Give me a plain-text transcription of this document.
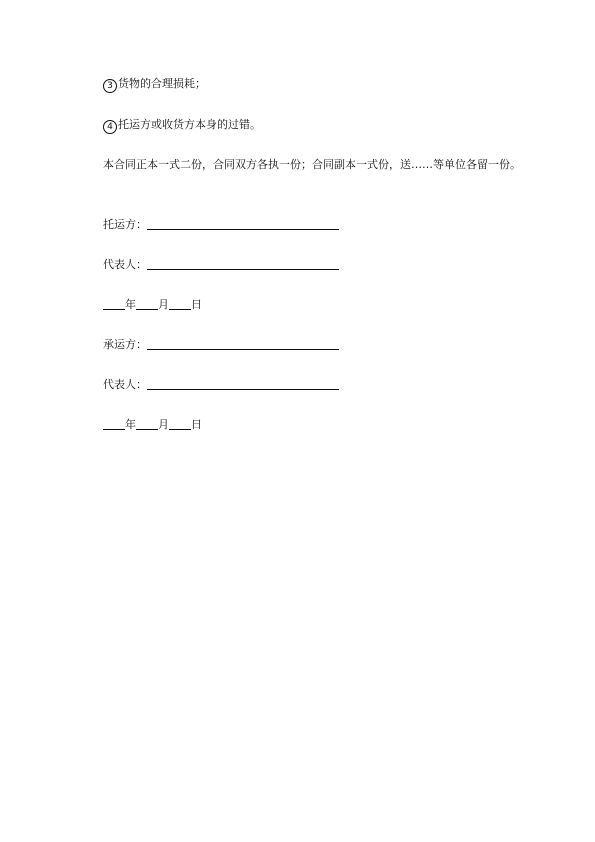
3 货物的合理损耗；
4 托运方或收货方本身的过错。
本合同正本一式二份，合同双方各执一份；合同副本一式份，送……等单位各留一份。
托运方：
代表人：
年 月 日
承运方：
代表人：
年 月 日
